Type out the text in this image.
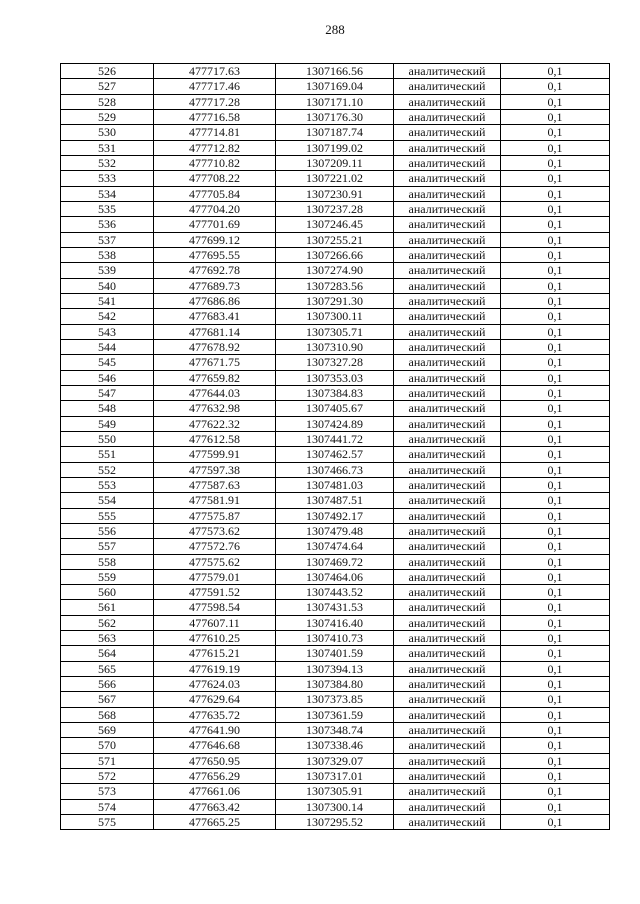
288
526	477717.63	1307166.56	аналитический	0,1
527	477717.46	1307169.04	аналитический	0,1
528	477717.28	1307171.10	аналитический	0,1
529	477716.58	1307176.30	аналитический	0,1
530	477714.81	1307187.74	аналитический	0,1
531	477712.82	1307199.02	аналитический	0,1
532	477710.82	1307209.11	аналитический	0,1
533	477708.22	1307221.02	аналитический	0,1
534	477705.84	1307230.91	аналитический	0,1
535	477704.20	1307237.28	аналитический	0,1
536	477701.69	1307246.45	аналитический	0,1
537	477699.12	1307255.21	аналитический	0,1
538	477695.55	1307266.66	аналитический	0,1
539	477692.78	1307274.90	аналитический	0,1
540	477689.73	1307283.56	аналитический	0,1
541	477686.86	1307291.30	аналитический	0,1
542	477683.41	1307300.11	аналитический	0,1
543	477681.14	1307305.71	аналитический	0,1
544	477678.92	1307310.90	аналитический	0,1
545	477671.75	1307327.28	аналитический	0,1
546	477659.82	1307353.03	аналитический	0,1
547	477644.03	1307384.83	аналитический	0,1
548	477632.98	1307405.67	аналитический	0,1
549	477622.32	1307424.89	аналитический	0,1
550	477612.58	1307441.72	аналитический	0,1
551	477599.91	1307462.57	аналитический	0,1
552	477597.38	1307466.73	аналитический	0,1
553	477587.63	1307481.03	аналитический	0,1
554	477581.91	1307487.51	аналитический	0,1
555	477575.87	1307492.17	аналитический	0,1
556	477573.62	1307479.48	аналитический	0,1
557	477572.76	1307474.64	аналитический	0,1
558	477575.62	1307469.72	аналитический	0,1
559	477579.01	1307464.06	аналитический	0,1
560	477591.52	1307443.52	аналитический	0,1
561	477598.54	1307431.53	аналитический	0,1
562	477607.11	1307416.40	аналитический	0,1
563	477610.25	1307410.73	аналитический	0,1
564	477615.21	1307401.59	аналитический	0,1
565	477619.19	1307394.13	аналитический	0,1
566	477624.03	1307384.80	аналитический	0,1
567	477629.64	1307373.85	аналитический	0,1
568	477635.72	1307361.59	аналитический	0,1
569	477641.90	1307348.74	аналитический	0,1
570	477646.68	1307338.46	аналитический	0,1
571	477650.95	1307329.07	аналитический	0,1
572	477656.29	1307317.01	аналитический	0,1
573	477661.06	1307305.91	аналитический	0,1
574	477663.42	1307300.14	аналитический	0,1
575	477665.25	1307295.52	аналитический	0,1
